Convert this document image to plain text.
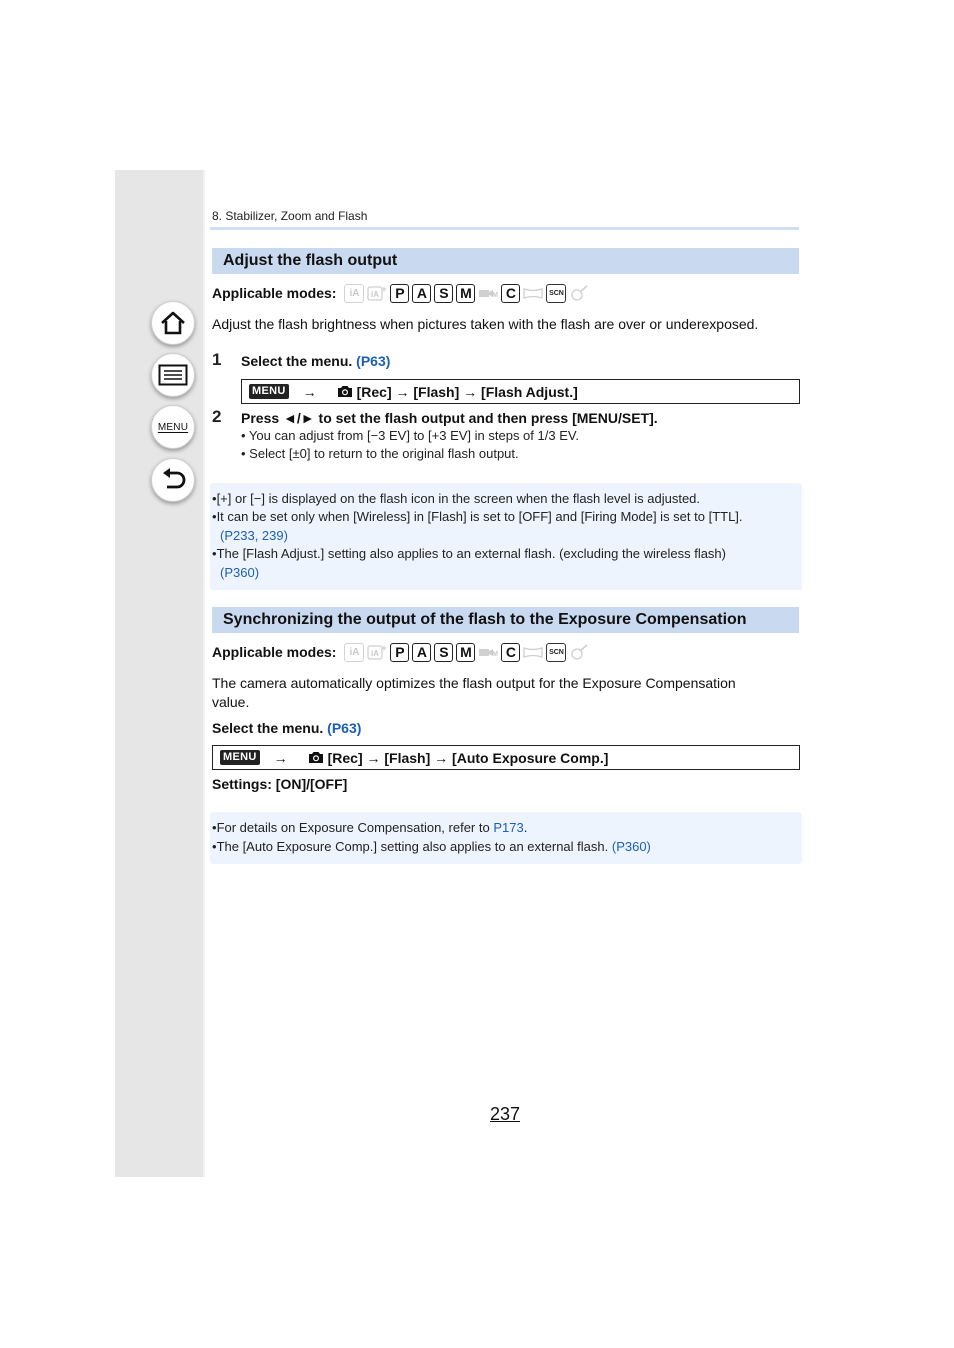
MENU
8. Stabilizer, Zoom and Flash
Adjust the flash output
Applicable modes:	iA	iA
+ P A S M	M C	SCN
Adjust the flash brightness when pictures taken with the flash are over or underexposed.
1 Select the menu. (P63)
MENU →	[Rec] → [Flash] → [Flash Adjust.]
2 Press ◄/► to set the flash output and then press [MENU/SET].
• You can adjust from [−3 EV] to [+3 EV] in steps of 1/3 EV.
• Select [±0] to return to the original flash output.
•[+] or [−] is displayed on the flash icon in the screen when the flash level is adjusted.
•It can be set only when [Wireless] in [Flash] is set to [OFF] and [Firing Mode] is set to [TTL].
(P233, 239)
•The [Flash Adjust.] setting also applies to an external flash. (excluding the wireless flash)
(P360)
Synchronizing the output of the flash to the Exposure Compensation
Applicable modes:	iA	iA
+ P A S M	M C	SCN
The camera automatically optimizes the flash output for the Exposure Compensation
value.
Select the menu. (P63)
MENU →	[Rec] → [Flash] → [Auto Exposure Comp.]
Settings: [ON]/[OFF]
•For details on Exposure Compensation, refer to P173.
•The [Auto Exposure Comp.] setting also applies to an external flash. (P360)
237
